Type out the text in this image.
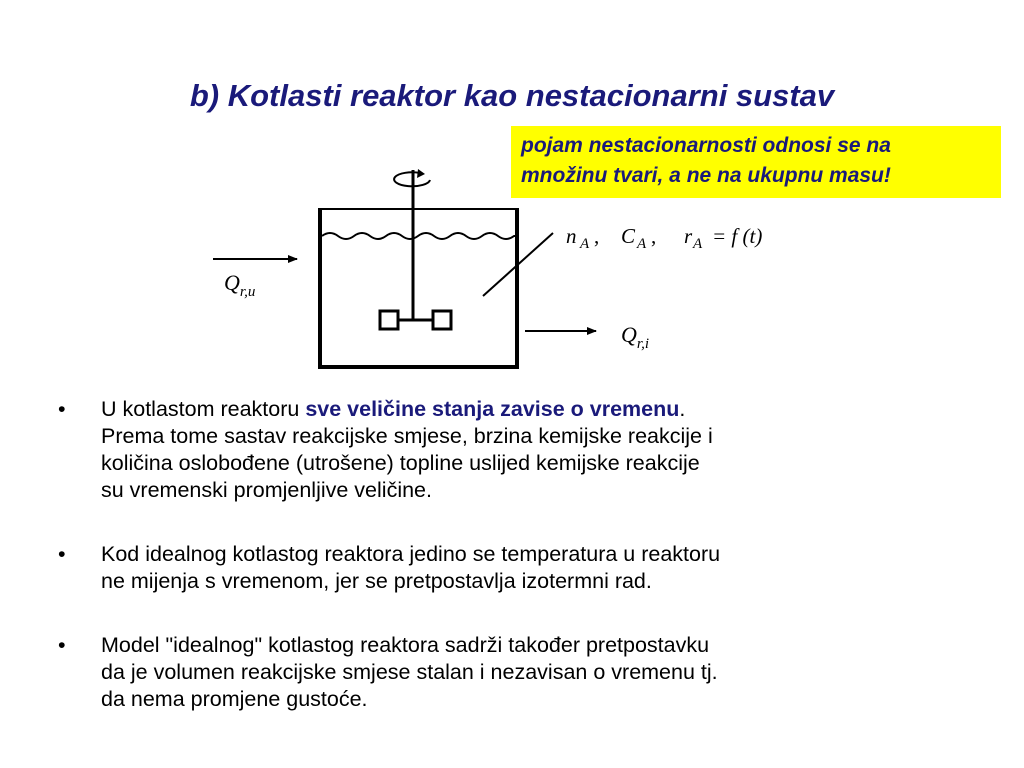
b) Kotlasti reaktor kao nestacionarni sustav
pojam nestacionarnosti odnosi se na
množinu tvari, a ne na ukupnu masu!
$Q_{r,u}$
$Q_{r,i}$
n A , C A , r A = f (t)
• U kotlastom reaktoru sve veličine stanja zavise o vremenu.
Prema tome sastav reakcijske smjese, brzina kemijske reakcije i
količina oslobođene (utrošene) topline uslijed kemijske reakcije
su vremenski promjenljive veličine.
• Kod idealnog kotlastog reaktora jedino se temperatura u reaktoru
ne mijenja s vremenom, jer se pretpostavlja izotermni rad.
• Model "idealnog" kotlastog reaktora sadrži također pretpostavku
da je volumen reakcijske smjese stalan i nezavisan o vremenu tj.
da nema promjene gustoće.
